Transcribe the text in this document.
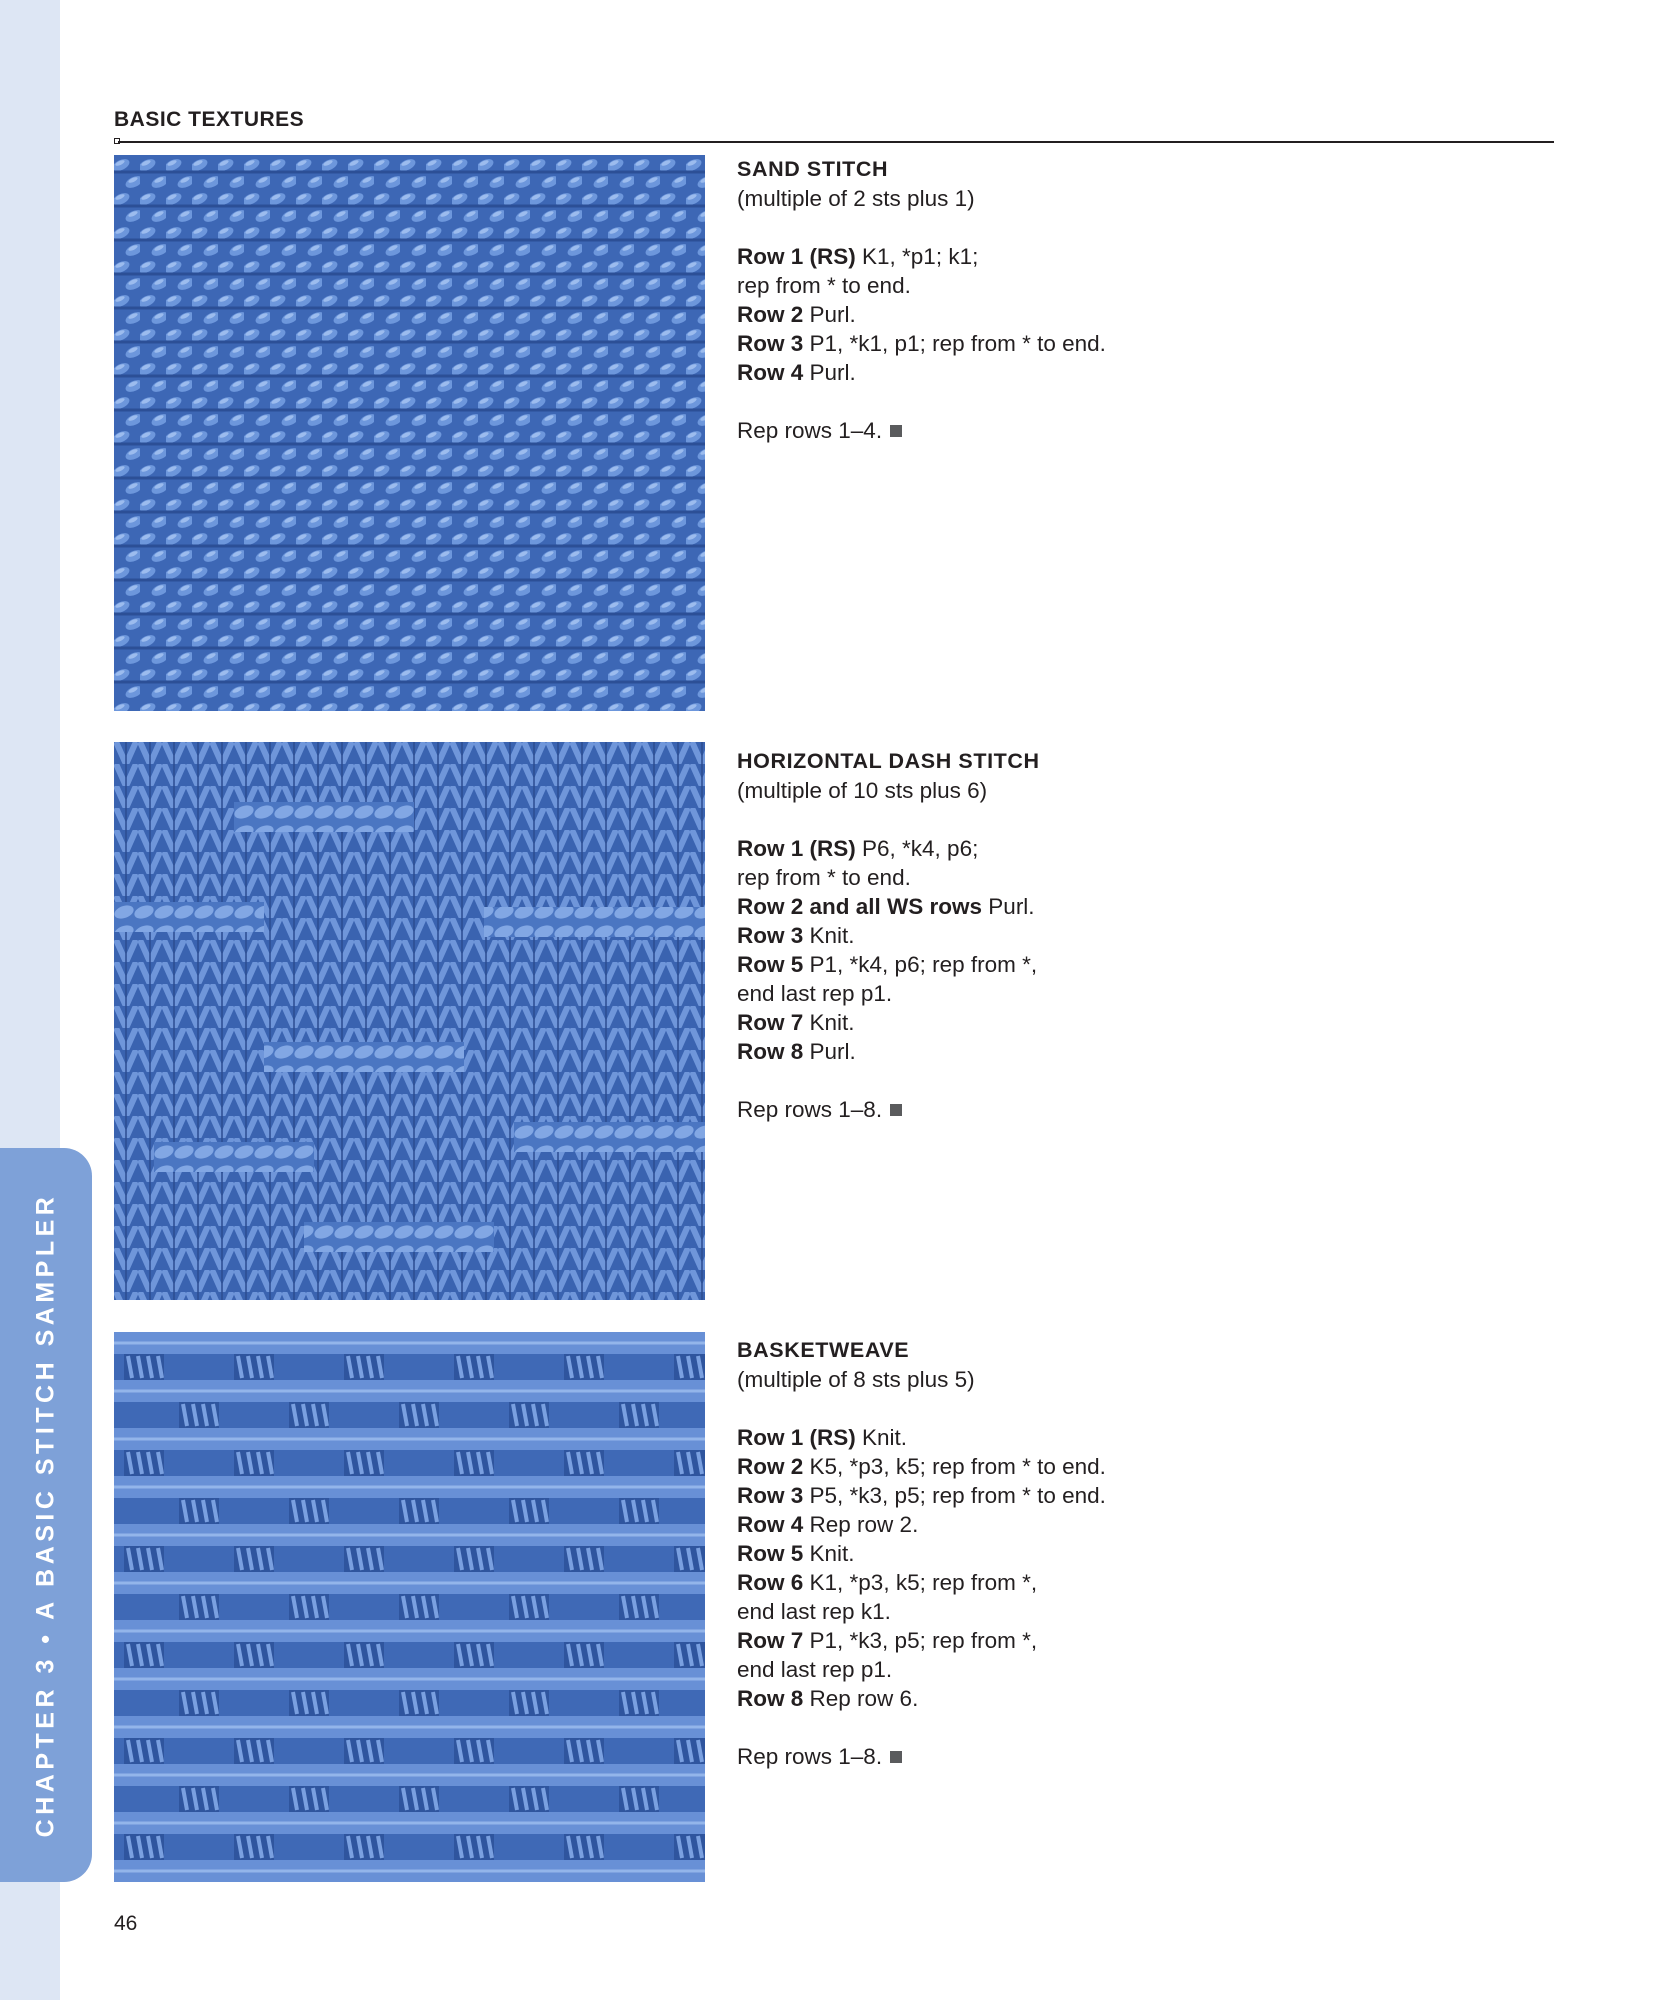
CHAPTER 3 • A BASIC STITCH SAMPLER
BASIC TEXTURES
SAND STITCH
(multiple of 2 sts plus 1)
Row 1 (RS) K1, *p1; k1;
rep from * to end.
Row 2 Purl.
Row 3 P1, *k1, p1; rep from * to end.
Row 4 Purl.
Rep rows 1–4.
HORIZONTAL DASH STITCH
(multiple of 10 sts plus 6)
Row 1 (RS) P6, *k4, p6;
rep from * to end.
Row 2 and all WS rows Purl.
Row 3 Knit.
Row 5 P1, *k4, p6; rep from *,
end last rep p1.
Row 7 Knit.
Row 8 Purl.
Rep rows 1–8.
BASKETWEAVE
(multiple of 8 sts plus 5)
Row 1 (RS) Knit.
Row 2 K5, *p3, k5; rep from * to end.
Row 3 P5, *k3, p5; rep from * to end.
Row 4 Rep row 2.
Row 5 Knit.
Row 6 K1, *p3, k5; rep from *,
end last rep k1.
Row 7 P1, *k3, p5; rep from *,
end last rep p1.
Row 8 Rep row 6.
Rep rows 1–8.
46
